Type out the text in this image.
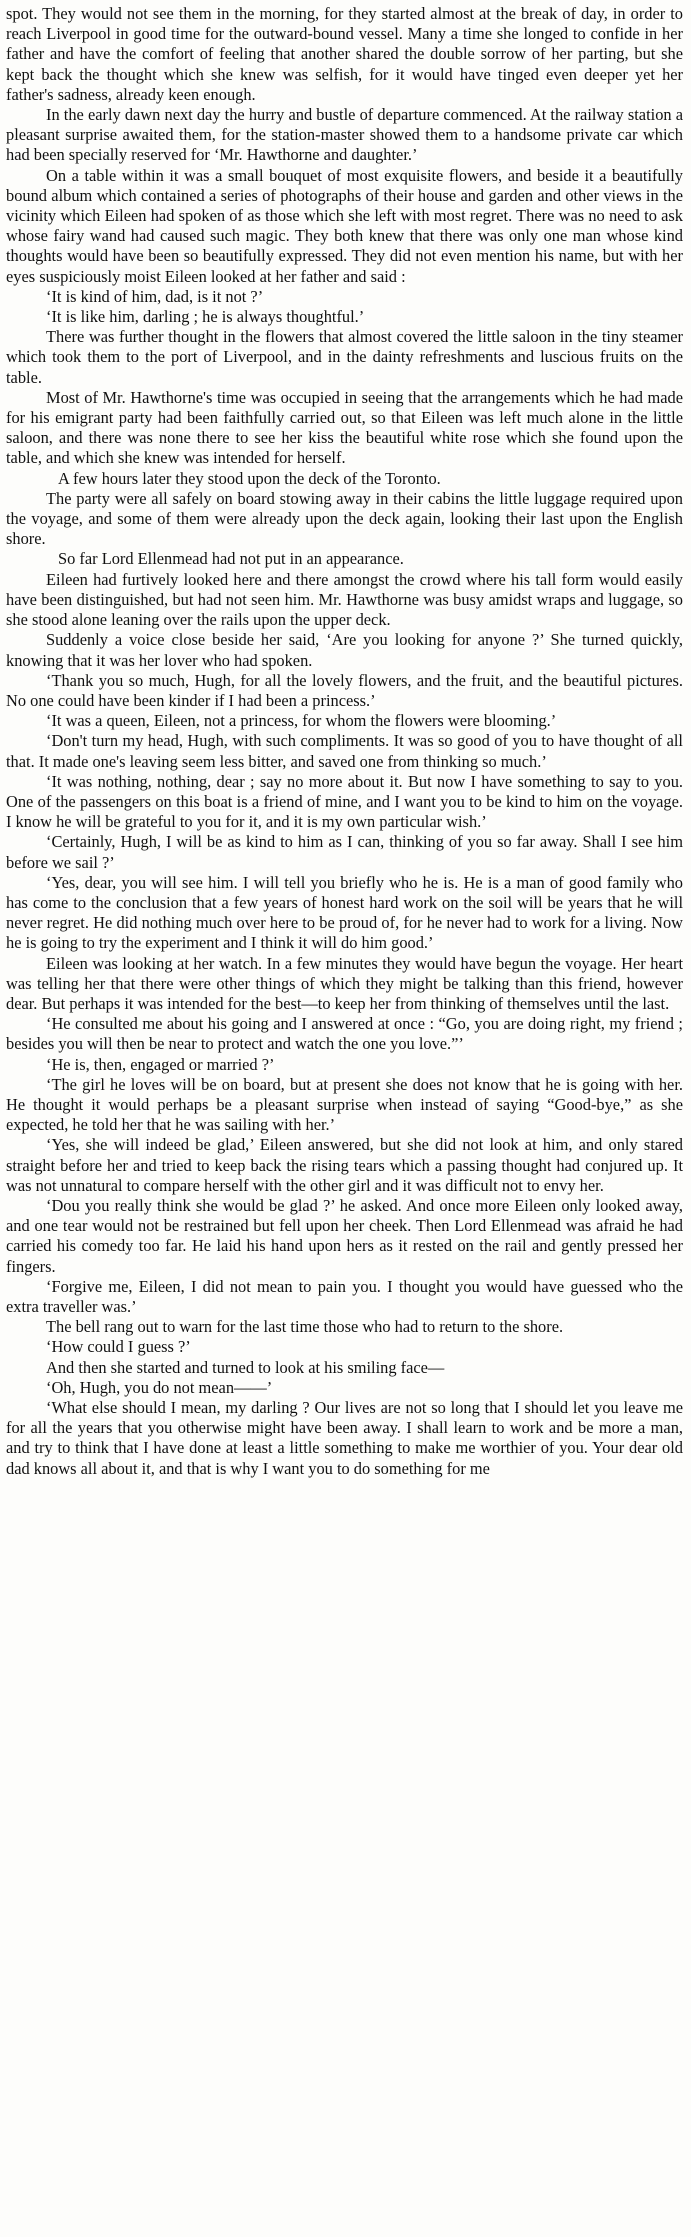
spot. They would not see them in the morning, for they started almost at the break of day, in order to reach Liverpool in good time for the outward-bound vessel. Many a time she longed to confide in her father and have the comfort of feeling that another shared the double sorrow of her parting, but she kept back the thought which she knew was selfish, for it would have tinged even deeper yet her father's sadness, already keen enough.

In the early dawn next day the hurry and bustle of departure commenced. At the railway station a pleasant surprise awaited them, for the station-master showed them to a handsome private car which had been specially reserved for ‘Mr. Hawthorne and daughter.’

On a table within it was a small bouquet of most exquisite flowers, and beside it a beautifully bound album which contained a series of photographs of their house and garden and other views in the vicinity which Eileen had spoken of as those which she left with most regret. There was no need to ask whose fairy wand had caused such magic. They both knew that there was only one man whose kind thoughts would have been so beautifully expressed. They did not even mention his name, but with her eyes suspiciously moist Eileen looked at her father and said :

‘It is kind of him, dad, is it not ?’

‘It is like him, darling ; he is always thoughtful.’

There was further thought in the flowers that almost covered the little saloon in the tiny steamer which took them to the port of Liverpool, and in the dainty refreshments and luscious fruits on the table.

Most of Mr. Hawthorne's time was occupied in seeing that the arrangements which he had made for his emigrant party had been faithfully carried out, so that Eileen was left much alone in the little saloon, and there was none there to see her kiss the beautiful white rose which she found upon the table, and which she knew was intended for herself.

A few hours later they stood upon the deck of the Toronto.

The party were all safely on board stowing away in their cabins the little luggage required upon the voyage, and some of them were already upon the deck again, looking their last upon the English shore.

So far Lord Ellenmead had not put in an appearance.

Eileen had furtively looked here and there amongst the crowd where his tall form would easily have been distinguished, but had not seen him. Mr. Hawthorne was busy amidst wraps and luggage, so she stood alone leaning over the rails upon the upper deck.

Suddenly a voice close beside her said, ‘Are you looking for anyone ?’ She turned quickly, knowing that it was her lover who had spoken.

‘Thank you so much, Hugh, for all the lovely flowers, and the fruit, and the beautiful pictures. No one could have been kinder if I had been a princess.’

‘It was a queen, Eileen, not a princess, for whom the flowers were blooming.’

‘Don't turn my head, Hugh, with such compliments. It was so good of you to have thought of all that. It made one's leaving seem less bitter, and saved one from thinking so much.’

‘It was nothing, nothing, dear ; say no more about it. But now I have something to say to you. One of the passengers on this boat is a friend of mine, and I want you to be kind to him on the voyage. I know he will be grateful to you for it, and it is my own particular wish.’

‘Certainly, Hugh, I will be as kind to him as I can, thinking of you so far away. Shall I see him before we sail ?’

‘Yes, dear, you will see him. I will tell you briefly who he is. He is a man of good family who has come to the conclusion that a few years of honest hard work on the soil will be years that he will never regret. He did nothing much over here to be proud of, for he never had to work for a living. Now he is going to try the experiment and I think it will do him good.’

Eileen was looking at her watch. In a few minutes they would have begun the voyage. Her heart was telling her that there were other things of which they might be talking than this friend, however dear. But perhaps it was intended for the best—to keep her from thinking of themselves until the last.

‘He consulted me about his going and I answered at once : “Go, you are doing right, my friend ; besides you will then be near to protect and watch the one you love.”’

‘He is, then, engaged or married ?’

‘The girl he loves will be on board, but at present she does not know that he is going with her. He thought it would perhaps be a pleasant surprise when instead of saying “Good-bye,” as she expected, he told her that he was sailing with her.’

‘Yes, she will indeed be glad,’ Eileen answered, but she did not look at him, and only stared straight before her and tried to keep back the rising tears which a passing thought had conjured up. It was not unnatural to compare herself with the other girl and it was difficult not to envy her.

‘Dou you really think she would be glad ?’ he asked. And once more Eileen only looked away, and one tear would not be restrained but fell upon her cheek. Then Lord Ellenmead was afraid he had carried his comedy too far. He laid his hand upon hers as it rested on the rail and gently pressed her fingers.

‘Forgive me, Eileen, I did not mean to pain you. I thought you would have guessed who the extra traveller was.’

The bell rang out to warn for the last time those who had to return to the shore.

‘How could I guess ?’

And then she started and turned to look at his smiling face—

‘Oh, Hugh, you do not mean——’

‘What else should I mean, my darling ? Our lives are not so long that I should let you leave me for all the years that you otherwise might have been away. I shall learn to work and be more a man, and try to think that I have done at least a little something to make me worthier of you. Your dear old dad knows all about it, and that is why I want you to do something for me
